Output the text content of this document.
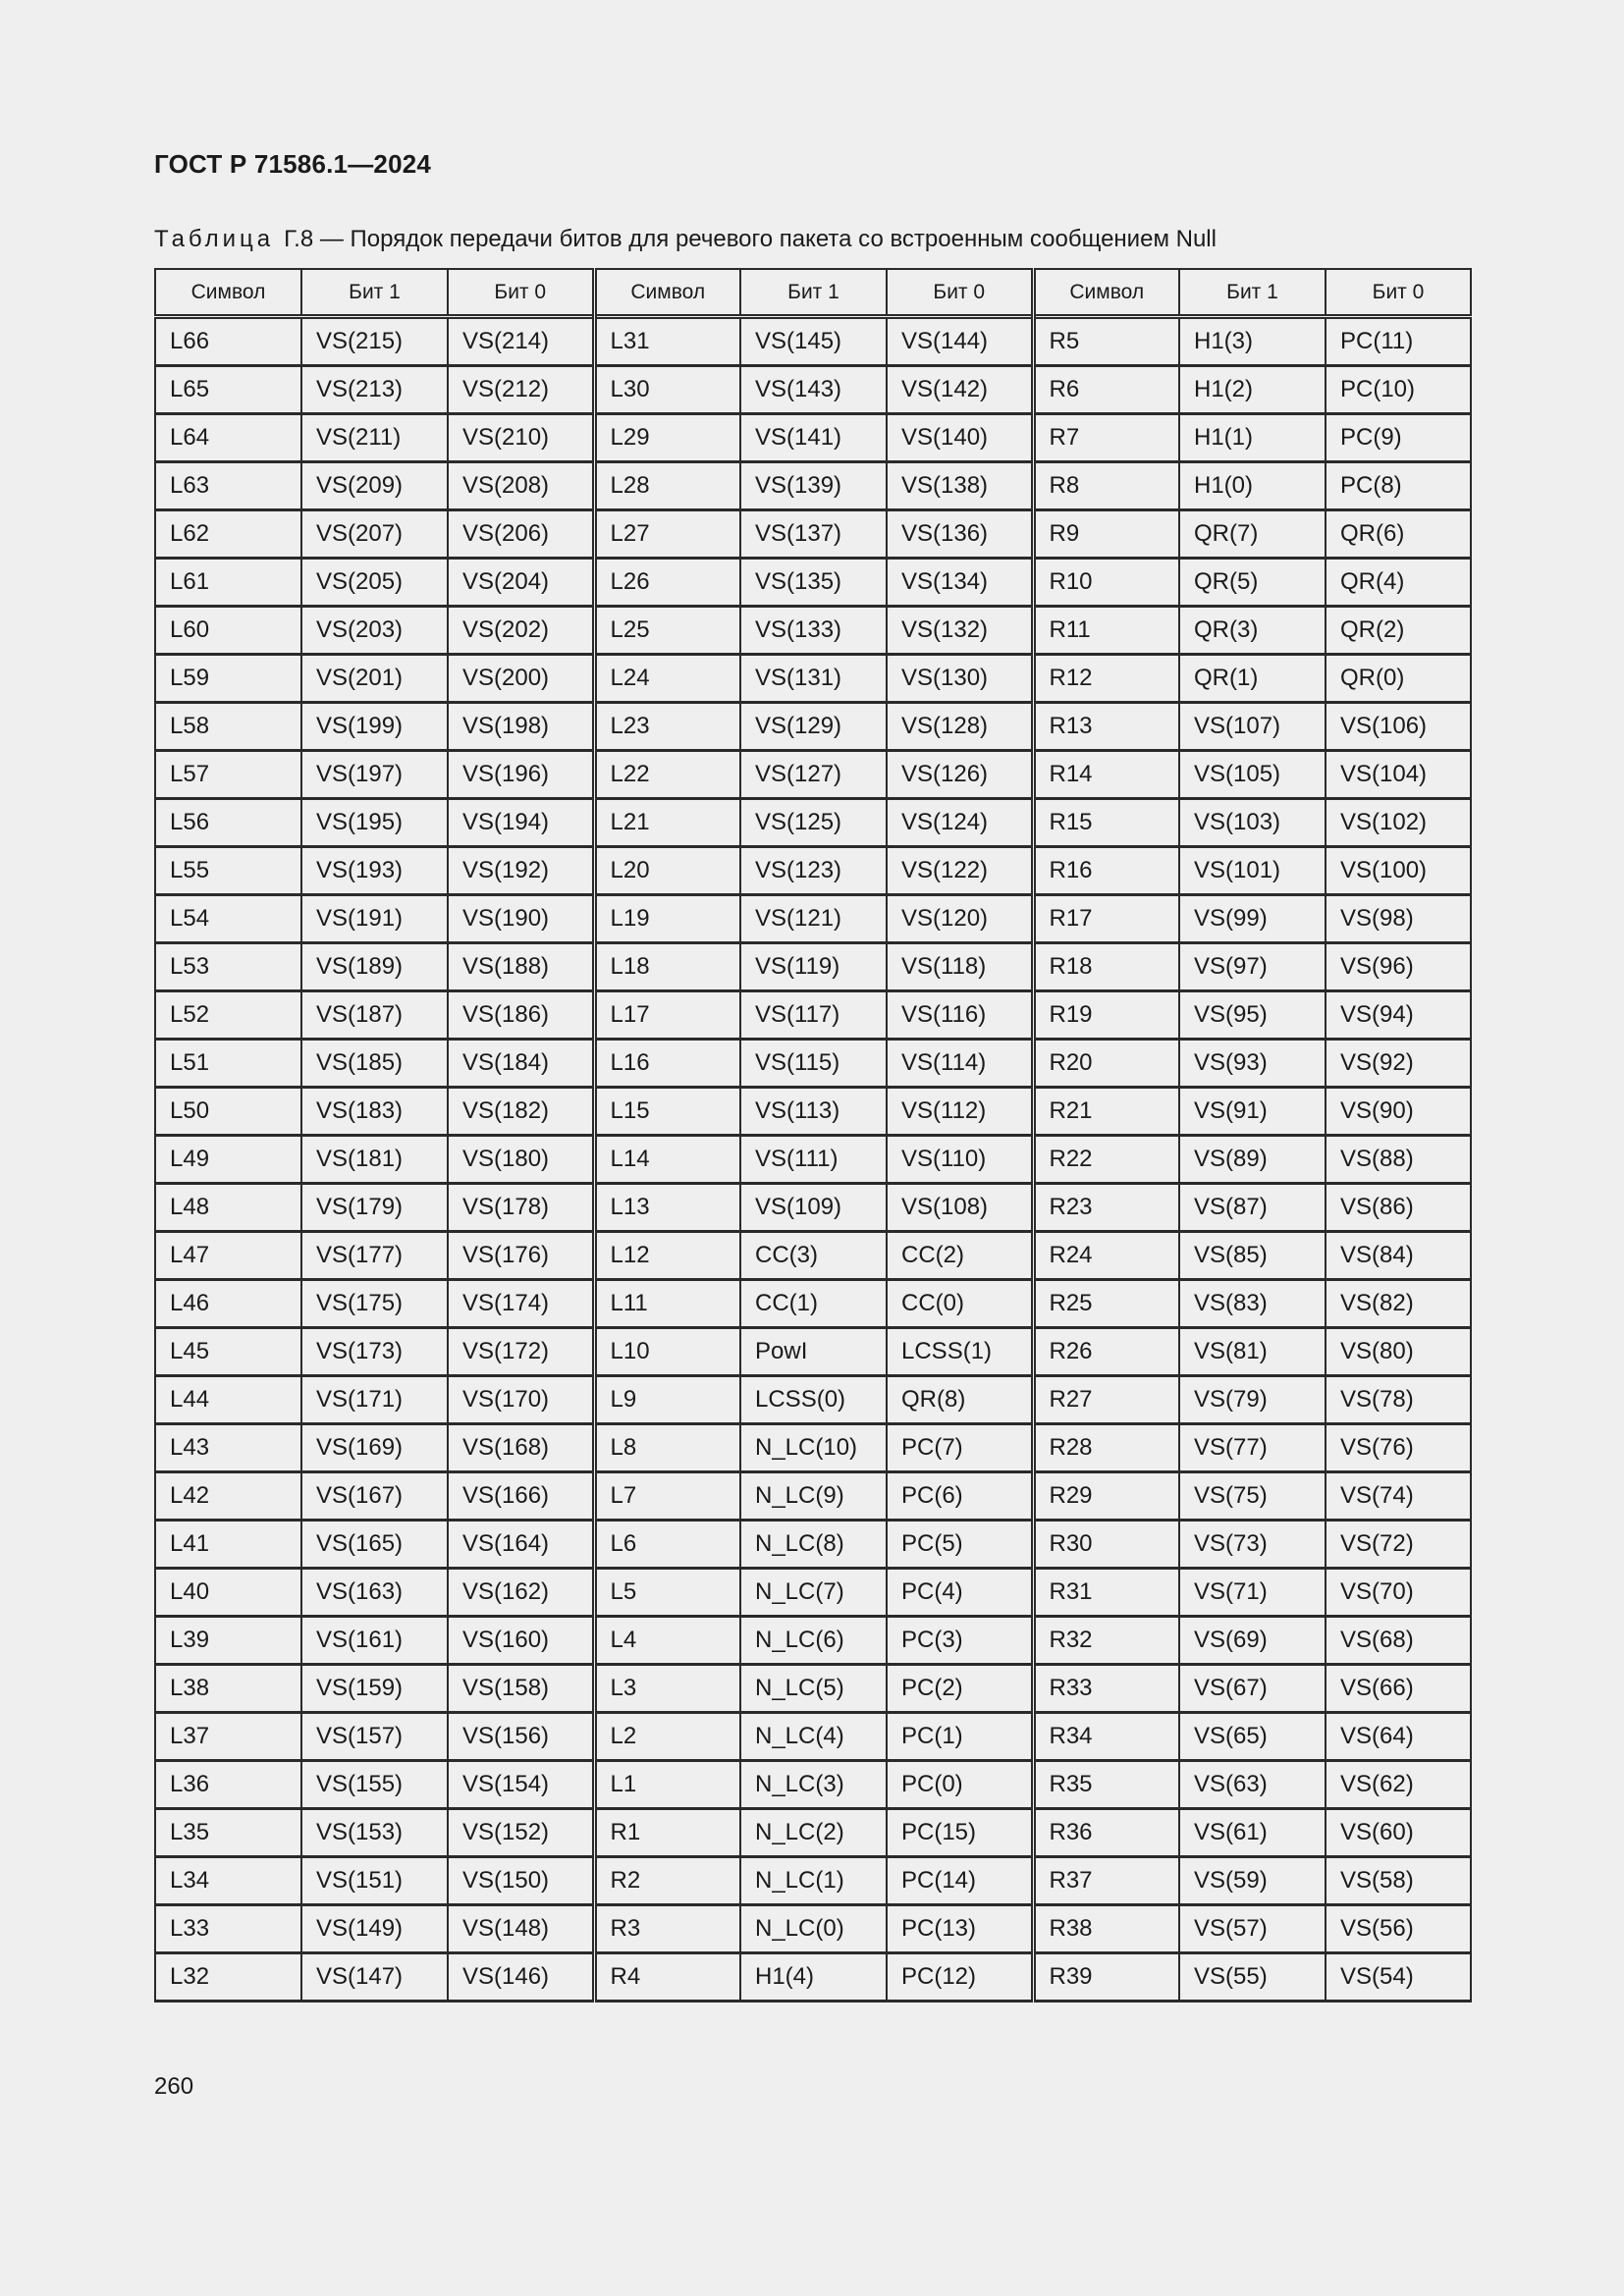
ГОСТ Р 71586.1—2024
Таблица Г.8 — Порядок передачи битов для речевого пакета со встроенным сообщением Null
Символ	Бит 1	Бит 0	Символ	Бит 1	Бит 0	Символ	Бит 1	Бит 0
L66	VS(215)	VS(214)	L31	VS(145)	VS(144)	R5	H1(3)	PC(11)
L65	VS(213)	VS(212)	L30	VS(143)	VS(142)	R6	H1(2)	PC(10)
L64	VS(211)	VS(210)	L29	VS(141)	VS(140)	R7	H1(1)	PC(9)
L63	VS(209)	VS(208)	L28	VS(139)	VS(138)	R8	H1(0)	PC(8)
L62	VS(207)	VS(206)	L27	VS(137)	VS(136)	R9	QR(7)	QR(6)
L61	VS(205)	VS(204)	L26	VS(135)	VS(134)	R10	QR(5)	QR(4)
L60	VS(203)	VS(202)	L25	VS(133)	VS(132)	R11	QR(3)	QR(2)
L59	VS(201)	VS(200)	L24	VS(131)	VS(130)	R12	QR(1)	QR(0)
L58	VS(199)	VS(198)	L23	VS(129)	VS(128)	R13	VS(107)	VS(106)
L57	VS(197)	VS(196)	L22	VS(127)	VS(126)	R14	VS(105)	VS(104)
L56	VS(195)	VS(194)	L21	VS(125)	VS(124)	R15	VS(103)	VS(102)
L55	VS(193)	VS(192)	L20	VS(123)	VS(122)	R16	VS(101)	VS(100)
L54	VS(191)	VS(190)	L19	VS(121)	VS(120)	R17	VS(99)	VS(98)
L53	VS(189)	VS(188)	L18	VS(119)	VS(118)	R18	VS(97)	VS(96)
L52	VS(187)	VS(186)	L17	VS(117)	VS(116)	R19	VS(95)	VS(94)
L51	VS(185)	VS(184)	L16	VS(115)	VS(114)	R20	VS(93)	VS(92)
L50	VS(183)	VS(182)	L15	VS(113)	VS(112)	R21	VS(91)	VS(90)
L49	VS(181)	VS(180)	L14	VS(111)	VS(110)	R22	VS(89)	VS(88)
L48	VS(179)	VS(178)	L13	VS(109)	VS(108)	R23	VS(87)	VS(86)
L47	VS(177)	VS(176)	L12	CC(3)	CC(2)	R24	VS(85)	VS(84)
L46	VS(175)	VS(174)	L11	CC(1)	CC(0)	R25	VS(83)	VS(82)
L45	VS(173)	VS(172)	L10	PowI	LCSS(1)	R26	VS(81)	VS(80)
L44	VS(171)	VS(170)	L9	LCSS(0)	QR(8)	R27	VS(79)	VS(78)
L43	VS(169)	VS(168)	L8	N_LC(10)	PC(7)	R28	VS(77)	VS(76)
L42	VS(167)	VS(166)	L7	N_LC(9)	PC(6)	R29	VS(75)	VS(74)
L41	VS(165)	VS(164)	L6	N_LC(8)	PC(5)	R30	VS(73)	VS(72)
L40	VS(163)	VS(162)	L5	N_LC(7)	PC(4)	R31	VS(71)	VS(70)
L39	VS(161)	VS(160)	L4	N_LC(6)	PC(3)	R32	VS(69)	VS(68)
L38	VS(159)	VS(158)	L3	N_LC(5)	PC(2)	R33	VS(67)	VS(66)
L37	VS(157)	VS(156)	L2	N_LC(4)	PC(1)	R34	VS(65)	VS(64)
L36	VS(155)	VS(154)	L1	N_LC(3)	PC(0)	R35	VS(63)	VS(62)
L35	VS(153)	VS(152)	R1	N_LC(2)	PC(15)	R36	VS(61)	VS(60)
L34	VS(151)	VS(150)	R2	N_LC(1)	PC(14)	R37	VS(59)	VS(58)
L33	VS(149)	VS(148)	R3	N_LC(0)	PC(13)	R38	VS(57)	VS(56)
L32	VS(147)	VS(146)	R4	H1(4)	PC(12)	R39	VS(55)	VS(54)
260
